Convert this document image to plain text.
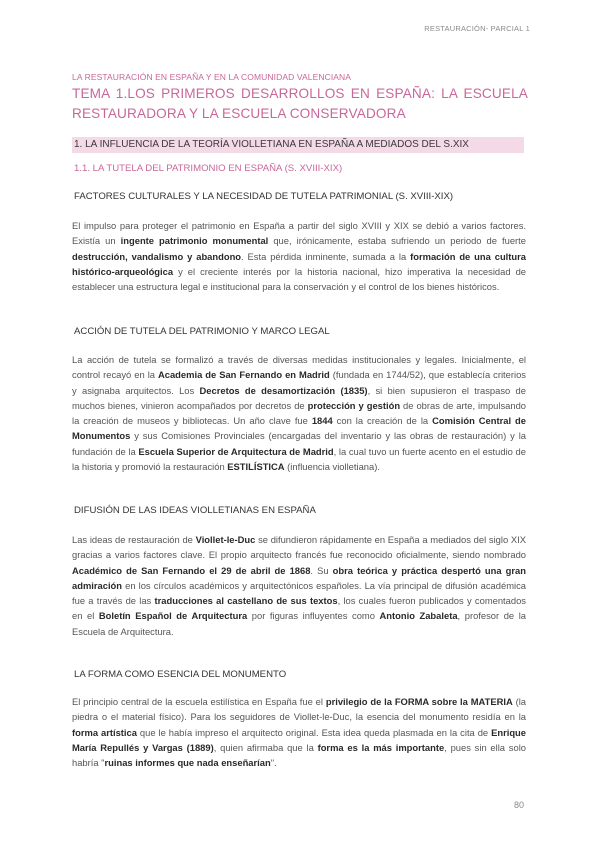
RESTAURACIÓN- PARCIAL 1
LA RESTAURACIÓN EN ESPAÑA Y EN LA COMUNIDAD VALENCIANA
TEMA 1.LOS PRIMEROS DESARROLLOS EN ESPAÑA: LA ESCUELA RESTAURADORA Y LA ESCUELA CONSERVADORA
1. LA INFLUENCIA DE LA TEORÍA VIOLLETIANA EN ESPAÑA A MEDIADOS DEL S.XIX
1.1. LA TUTELA DEL PATRIMONIO EN ESPAÑA (S. XVIII-XIX)
FACTORES CULTURALES Y LA NECESIDAD DE TUTELA PATRIMONIAL (S. XVIII-XIX)

El impulso para proteger el patrimonio en España a partir del siglo XVIII y XIX se debió a varios factores. Existía un ingente patrimonio monumental que, irónicamente, estaba sufriendo un periodo de fuerte destrucción, vandalismo y abandono. Esta pérdida inminente, sumada a la formación de una cultura histórico-arqueológica y el creciente interés por la historia nacional, hizo imperativa la necesidad de establecer una estructura legal e institucional para la conservación y el control de los bienes históricos.

ACCIÓN DE TUTELA DEL PATRIMONIO Y MARCO LEGAL

La acción de tutela se formalizó a través de diversas medidas institucionales y legales. Inicialmente, el control recayó en la Academia de San Fernando en Madrid (fundada en 1744/52), que establecía criterios y asignaba arquitectos. Los Decretos de desamortización (1835), si bien supusieron el traspaso de muchos bienes, vinieron acompañados por decretos de protección y gestión de obras de arte, impulsando la creación de museos y bibliotecas. Un año clave fue 1844 con la creación de la Comisión Central de Monumentos y sus Comisiones Provinciales (encargadas del inventario y las obras de restauración) y la fundación de la Escuela Superior de Arquitectura de Madrid, la cual tuvo un fuerte acento en el estudio de la historia y promovió la restauración ESTILÍSTICA (influencia violletiana).

DIFUSIÓN DE LAS IDEAS VIOLLETIANAS EN ESPAÑA

Las ideas de restauración de Viollet-le-Duc se difundieron rápidamente en España a mediados del siglo XIX gracias a varios factores clave. El propio arquitecto francés fue reconocido oficialmente, siendo nombrado Académico de San Fernando el 29 de abril de 1868. Su obra teórica y práctica despertó una gran admiración en los círculos académicos y arquitectónicos españoles. La vía principal de difusión académica fue a través de las traducciones al castellano de sus textos, los cuales fueron publicados y comentados en el Boletín Español de Arquitectura por figuras influyentes como Antonio Zabaleta, profesor de la Escuela de Arquitectura.

LA FORMA COMO ESENCIA DEL MONUMENTO

El principio central de la escuela estilística en España fue el privilegio de la FORMA sobre la MATERIA (la piedra o el material físico). Para los seguidores de Viollet-le-Duc, la esencia del monumento residía en la forma artística que le había impreso el arquitecto original. Esta idea queda plasmada en la cita de Enrique María Repullés y Vargas (1889), quien afirmaba que la forma es la más importante, pues sin ella solo habría "ruinas informes que nada enseñarían".

80
